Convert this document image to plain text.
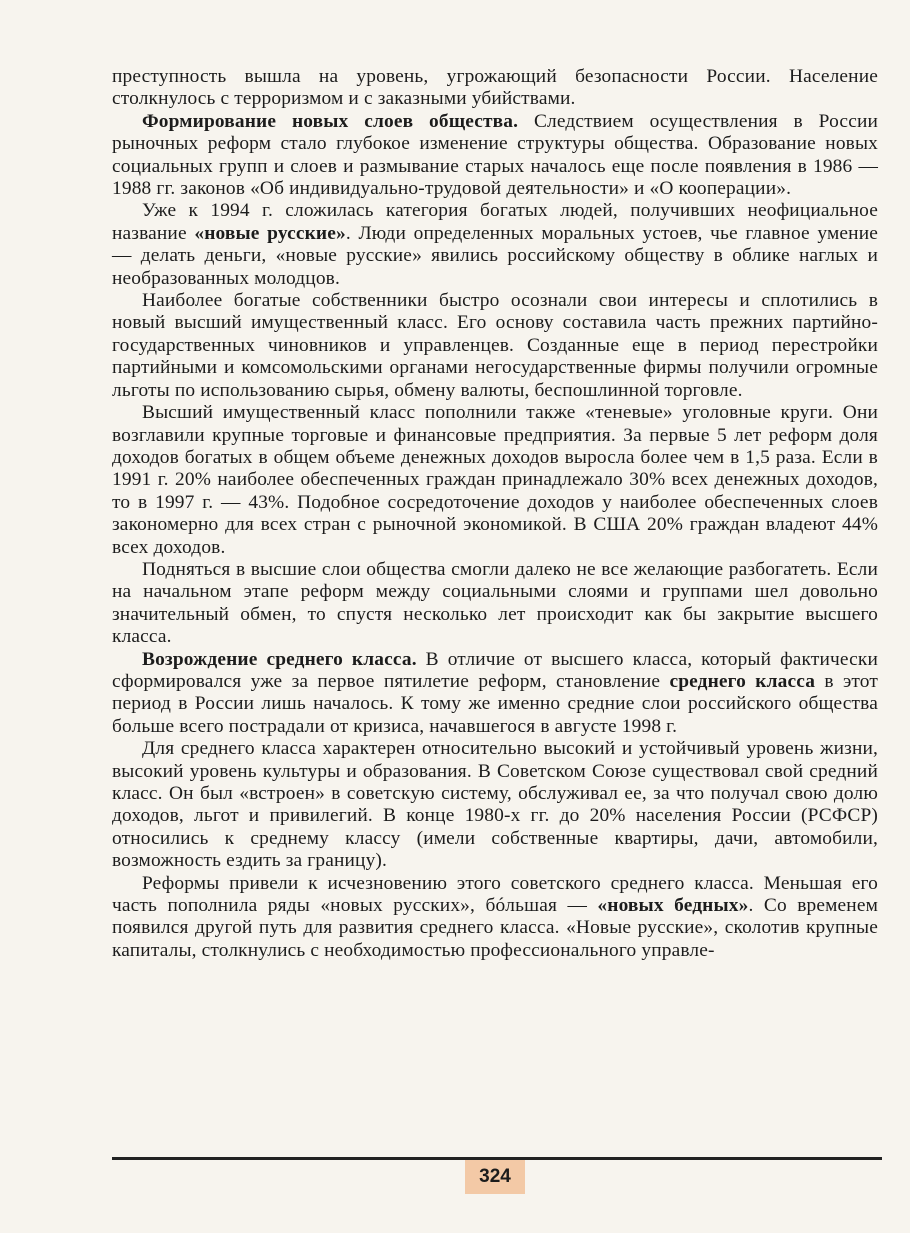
преступность вышла на уровень, угрожающий безопасности России. Население столкнулось с терроризмом и с заказными убийствами.

Формирование новых слоев общества. Следствием осуществления в России рыночных реформ стало глубокое изменение структуры общества. Образование новых социальных групп и слоев и размывание старых началось еще после появления в 1986 — 1988 гг. законов «Об индивидуально-трудовой деятельности» и «О кооперации».

Уже к 1994 г. сложилась категория богатых людей, получивших неофициальное название «новые русские». Люди определенных моральных устоев, чье главное умение — делать деньги, «новые русские» явились российскому обществу в облике наглых и необразованных молодцов.

Наиболее богатые собственники быстро осознали свои интересы и сплотились в новый высший имущественный класс. Его основу составила часть прежних партийно-государственных чиновников и управленцев. Созданные еще в период перестройки партийными и комсомольскими органами негосударственные фирмы получили огромные льготы по использованию сырья, обмену валюты, беспошлинной торговле.

Высший имущественный класс пополнили также «теневые» уголовные круги. Они возглавили крупные торговые и финансовые предприятия. За первые 5 лет реформ доля доходов богатых в общем объеме денежных доходов выросла более чем в 1,5 раза. Если в 1991 г. 20% наиболее обеспеченных граждан принадлежало 30% всех денежных доходов, то в 1997 г. — 43%. Подобное сосредоточение доходов у наиболее обеспеченных слоев закономерно для всех стран с рыночной экономикой. В США 20% граждан владеют 44% всех доходов.

Подняться в высшие слои общества смогли далеко не все желающие разбогатеть. Если на начальном этапе реформ между социальными слоями и группами шел довольно значительный обмен, то спустя несколько лет происходит как бы закрытие высшего класса.

Возрождение среднего класса. В отличие от высшего класса, который фактически сформировался уже за первое пятилетие реформ, становление среднего класса в этот период в России лишь началось. К тому же именно средние слои российского общества больше всего пострадали от кризиса, начавшегося в августе 1998 г.

Для среднего класса характерен относительно высокий и устойчивый уровень жизни, высокий уровень культуры и образования. В Советском Союзе существовал свой средний класс. Он был «встроен» в советскую систему, обслуживал ее, за что получал свою долю доходов, льгот и привилегий. В конце 1980-х гг. до 20% населения России (РСФСР) относились к среднему классу (имели собственные квартиры, дачи, автомобили, возможность ездить за границу).

Реформы привели к исчезновению этого советского среднего класса. Меньшая его часть пополнила ряды «новых русских», бóльшая — «новых бедных». Со временем появился другой путь для развития среднего класса. «Новые русские», сколотив крупные капиталы, столкнулись с необходимостью профессионального управле-

324
